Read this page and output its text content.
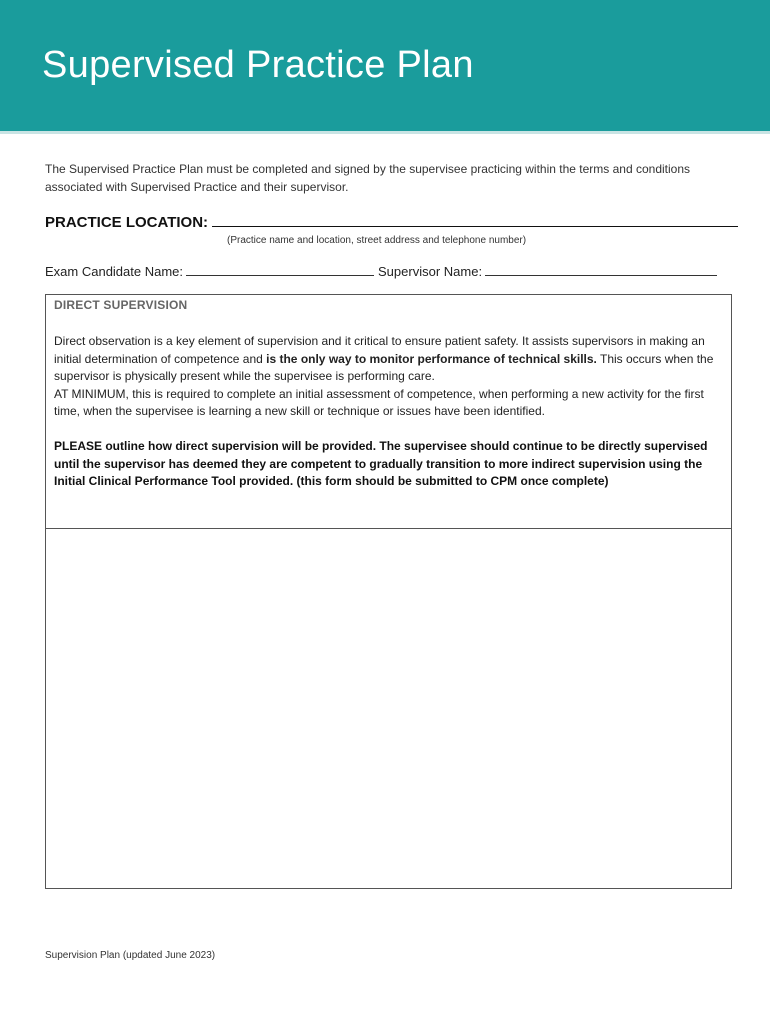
Supervised Practice Plan
The Supervised Practice Plan must be completed and signed by the supervisee practicing within the terms and conditions associated with Supervised Practice and their supervisor.
PRACTICE LOCATION:
(Practice name and location, street address and telephone number)
Exam Candidate Name:	Supervisor Name:
DIRECT SUPERVISION

Direct observation is a key element of supervision and it critical to ensure patient safety. It assists supervisors in making an initial determination of competence and is the only way to monitor performance of technical skills. This occurs when the supervisor is physically present while the supervisee is performing care.

AT MINIMUM, this is required to complete an initial assessment of competence, when performing a new activity for the first time, when the supervisee is learning a new skill or technique or issues have been identified.

PLEASE outline how direct supervision will be provided. The supervisee should continue to be directly supervised until the supervisor has deemed they are competent to gradually transition to more indirect supervision using the Initial Clinical Performance Tool provided. (this form should be submitted to CPM once complete)
Supervision Plan (updated June 2023)
